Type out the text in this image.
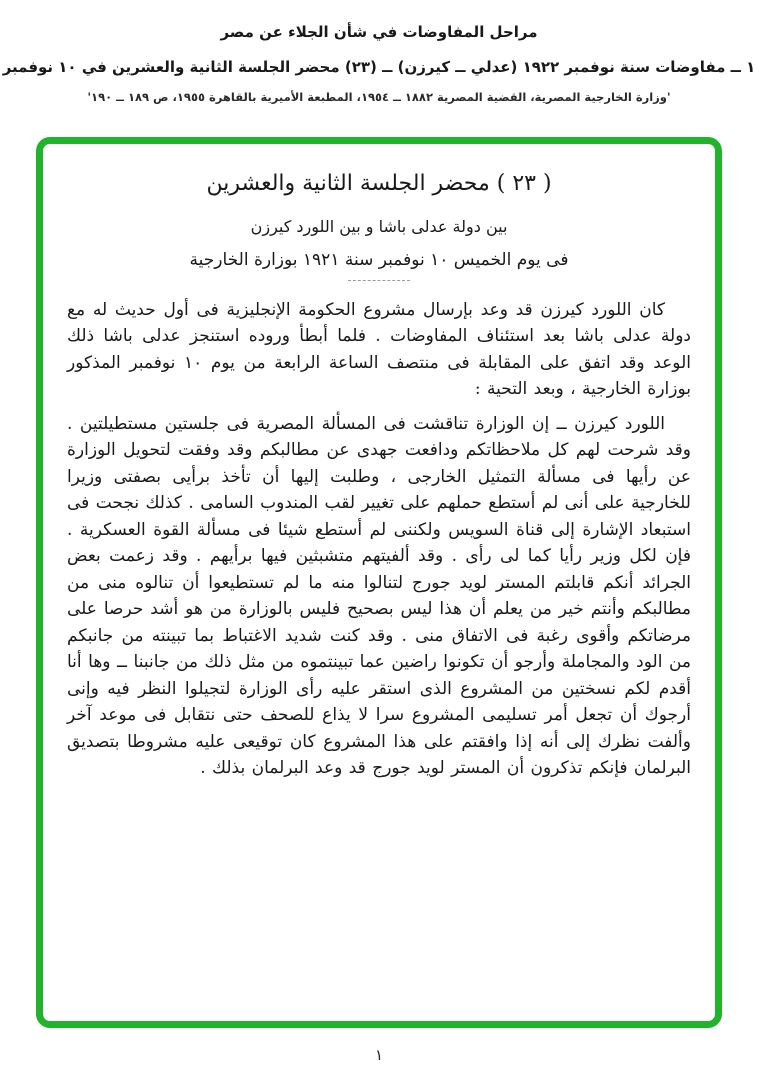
مراحل المفاوضات في شأن الجلاء عن مصر
١ ــ مفاوضات سنة نوفمبر ١٩٢٢ (عدلي ــ كيرزن) ــ (٢٣) محضر الجلسة الثانية والعشرين في ١٠ نوفمبر
'وزارة الخارجية المصرية، القضية المصرية ١٨٨٢ ــ ١٩٥٤، المطبعة الأميرية بالقاهرة ١٩٥٥، ص ١٨٩ ــ ١٩٠'
( ٢٣ ) محضر الجلسة الثانية والعشرين
بين دولة عدلى باشا و بين اللورد كيرزن
فى يوم الخميس ١٠ نوفمبر سنة ١٩٢١ بوزارة الخارجية

كان اللورد كيرزن قد وعد بإرسال مشروع الحكومة الإنجليزية فى أول حديث له مع دولة عدلى باشا بعد استئناف المفاوضات . فلما أبطأ وروده استنجز عدلى باشا ذلك الوعد وقد اتفق على المقابلة فى منتصف الساعة الرابعة من يوم ١٠ نوفمبر المذكور بوزارة الخارجية ، وبعد التحية :

اللورد كيرزن ــ إن الوزارة تناقشت فى المسألة المصرية فى جلستين مستطيلتين . وقد شرحت لهم كل ملاحظاتكم ودافعت جهدى عن مطالبكم وقد وفقت لتحويل الوزارة عن رأيها فى مسألة التمثيل الخارجى ، وطلبت إليها أن تأخذ برأيى بصفتى وزيرا للخارجية على أنى لم أستطع حملهم على تغيير لقب المندوب السامى . كذلك نجحت فى استبعاد الإشارة إلى قناة السويس ولكننى لم أستطع شيئا فى مسألة القوة العسكرية . فإن لكل وزير رأيا كما لى رأى . وقد ألفيتهم متشبثين فيها برأيهم . وقد زعمت بعض الجرائد أنكم قابلتم المستر لويد جورج لتنالوا منه ما لم تستطيعوا أن تنالوه منى من مطالبكم وأنتم خير من يعلم أن هذا ليس بصحيح فليس بالوزارة من هو أشد حرصا على مرضاتكم وأقوى رغبة فى الاتفاق منى . وقد كنت شديد الاغتباط بما تبينته من جانبكم من الود والمجاملة وأرجو أن تكونوا راضين عما تبينتموه من مثل ذلك من جانبنا ــ وها أنا أقدم لكم نسختين من المشروع الذى استقر عليه رأى الوزارة لتجيلوا النظر فيه وإنى أرجوك أن تجعل أمر تسليمى المشروع سرا لا يذاع للصحف حتى نتقابل فى موعد آخر وألفت نظرك إلى أنه إذا وافقتم على هذا المشروع كان توقيعى عليه مشروطا بتصديق البرلمان فإنكم تذكرون أن المستر لويد جورج قد وعد البرلمان بذلك .

١
